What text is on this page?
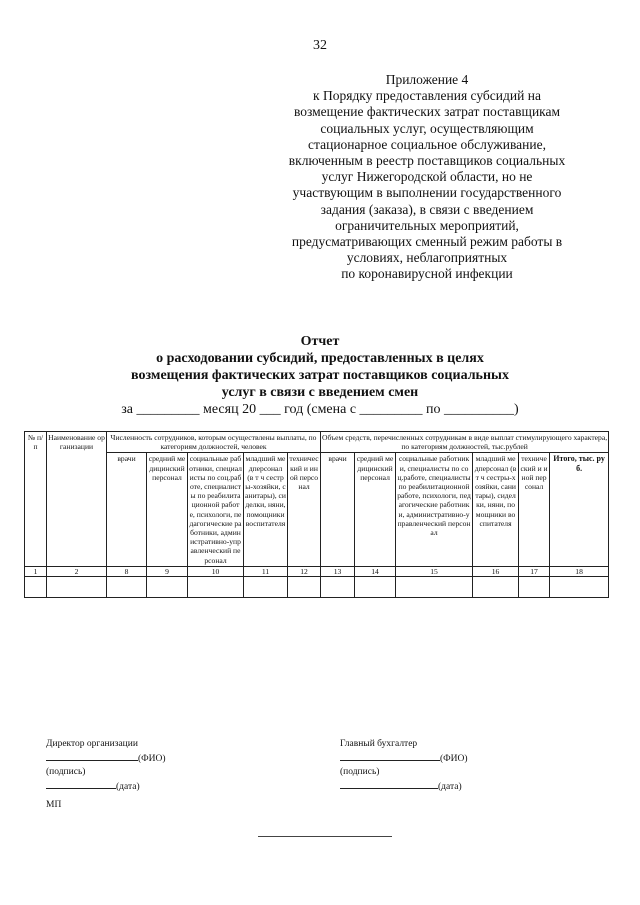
32
Приложение 4
к Порядку предоставления субсидий на
возмещение фактических затрат поставщикам
социальных услуг, осуществляющим
стационарное социальное обслуживание,
включенным в реестр поставщиков социальных
услуг Нижегородской области, но не
участвующим в выполнении государственного
задания (заказа), в связи с введением
ограничительных мероприятий,
предусматривающих сменный режим работы в
условиях, неблагоприятных
по коронавирусной инфекции
Отчет
о расходовании субсидий, предоставленных в целях
возмещения фактических затрат поставщиков социальных
услуг в связи с введением смен
за _________ месяц 20 ___ год (смена с _________ по __________)
№ п/п	Наименование организации	Численность сотрудников, которым осуществлены выплаты, по категориям должностей, человек					Объем средств, перечисленных сотрудникам в виде выплат стимулирующего характера, по категориям должностей, тыс.рублей					
		врачи	средний медицинский персонал	социальные работники, специалисты по соц.работе, специалисты по реабилитационной работе, психологи, педагогические работники, административно-управленческий персонал	младший медперсонал (в т ч сестры-хозяйки, санитары), сиделки, няни, помощники воспитателя	технический и иной персонал	врачи	средний медицинский персонал	социальные работники, специалисты по соц.работе, специалисты по реабилитационной работе, психологи, педагогические работники, административно-управленческий персонал	младший медперсонал (в т ч сестры-хозяйки, санитары), сиделки, няни, помощники воспитателя	технический и иной персонал	Итого, тыс. руб.
1	2	8	9	10	11	12	13	14	15	16	17	18

Директор организации
(ФИО)
(подпись)
(дата)
Главный бухгалтер
(ФИО)
(подпись)
(дата)
МП
